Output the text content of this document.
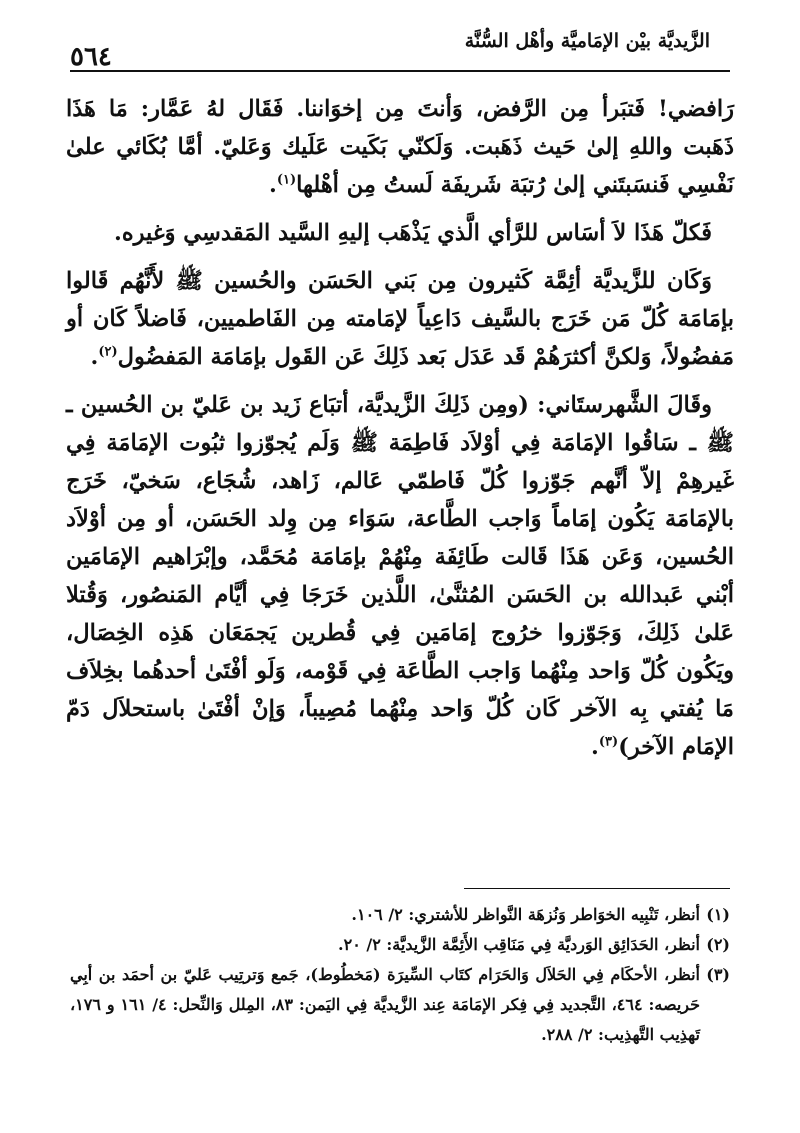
الزَّيديَّة بيْن الإمَاميَّة وأهْل السُّنَّة
٥٦٤

رَافضي! فَتبَرأ مِن الرَّفض، وَأنتَ مِن إخوَاننا. فَقَال لهُ عَمَّار: مَا هَذَا ذَهَبت واللهِ إلىٰ حَيث ذَهَبت. وَلَكنّي بَكَيت عَلَيك وَعَليّ. أمَّا بُكَائي علىٰ نَفْسِي فَنسَبتَني إلىٰ رُتبَة شَريفَة لَستُ مِن أهْلها$^{(١)}$.

فَكلّ هَذَا لاَ أسَاس للرَّأي الَّذي يَذْهَب إليهِ السَّيد المَقدسِي وَغيره.

وَكَان للزَّيديَّة أئِمَّة كَثيرون مِن بَني الحَسَن والحُسين ﷺ لأَنَّهُم قَالوا بإمَامَة كُلّ مَن خَرَج بالسَّيف دَاعِياً لإمَامته مِن الفَاطميين، فَاضلاً كَان أو مَفضُولاً، وَلكنَّ أكثرَهُمْ قَد عَدَل بَعد ذَلِكَ عَن القَول بإمَامَة المَفضُول$^{(٢)}$.

وقَالَ الشَّهرستَاني: (ومِن ذَلِكَ الزَّيديَّة، أتبَاع زَيد بن عَليّ بن الحُسين ـ ﷺ ـ سَاقُوا الإمَامَة فِي أوْلاَد فَاطِمَة ﷺ وَلَم يُجوّزوا ثبُوت الإمَامَة فِي غَيرهِمْ إلاّ أنَّهم جَوّزوا كُلّ فَاطمّي عَالم، زَاهد، شُجَاع، سَخيّ، خَرَج بالإمَامَة يَكُون إمَاماً وَاجب الطَّاعة، سَوَاء مِن وِلد الحَسَن، أو مِن أوْلاَد الحُسين، وَعَن هَذَا قَالت طَائِفَة مِنْهُمْ بإمَامَة مُحَمَّد، وإبْرَاهيم الإمَامَين أبْني عَبدالله بن الحَسَن المُثنَّىٰ، اللَّذين خَرَجَا فِي أيَّام المَنصُور، وَقُتلا عَلىٰ ذَلِكَ، وَجَوّزوا خرُوج إمَامَين فِي قُطرين يَجمَعَان هَذِه الخِصَال، ويَكُون كُلّ وَاحد مِنْهُما وَاجب الطَّاعَة فِي قَوْمه، وَلَو أفْتَىٰ أحدهُما بخِلاَف مَا يُفتي بِه الآخر كَان كُلّ وَاحد مِنْهُما مُصِيباً، وَإنْ أفْتَىٰ باستحلاَل دَمّ الإمَام الآخر)$^{(٣)}$.

(١)
أنظر، تَنْبِيه الخوَاطر وَنُزهَة النَّواظر للأشتري: ٢/ ١٠٦.
(٢)
أنظر، الحَدَائِق الوَرديَّة فِي مَنَاقِب الأَئِمَّة الزَّيديَّة: ٢/ ٢٠.
(٣)
أنظر، الأحكَام فِي الحَلاَل وَالحَرَام كتَاب السِّيرَة (مَخطُوط)، جَمع وَترتِيب عَليّ بن أحمَد بن أبِي حَريصه: ٤٦٤، التَّجديد فِي فِكر الإمَامَة عِند الزَّيديَّة فِي اليَمن: ٨٣، المِلل وَالنِّحل: ٤/ ١٦١ و ١٧٦، تَهذِيب التَّهذِيب: ٢/ ٢٨٨.
